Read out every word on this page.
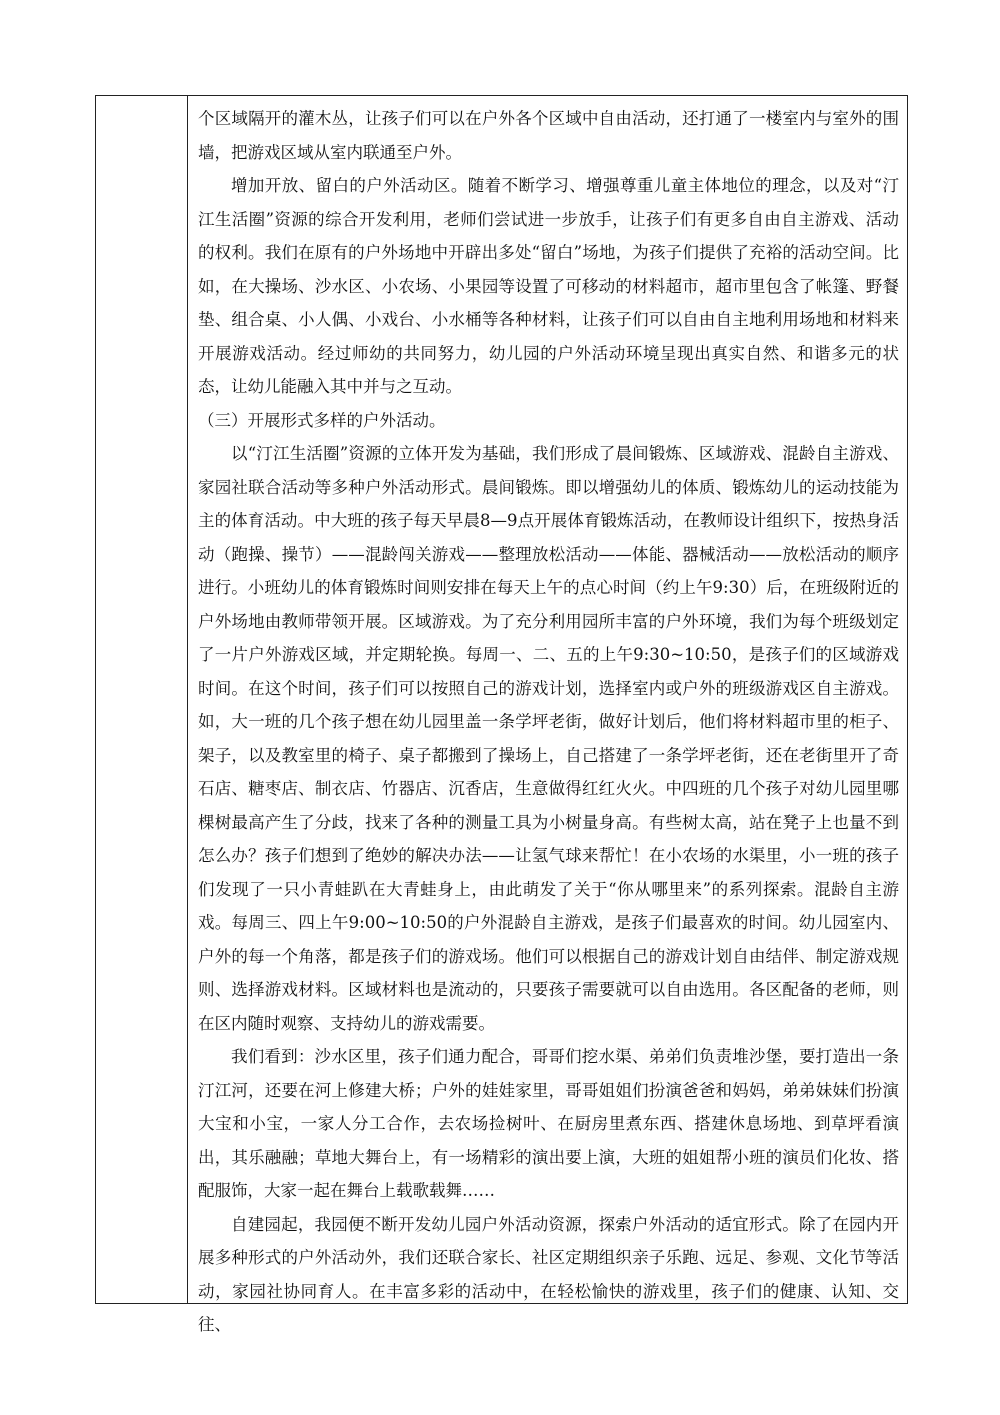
个区域隔开的灌木丛，让孩子们可以在户外各个区域中自由活动，还打通了一楼室内与室外的围墙，把游戏区域从室内联通至户外。

增加开放、留白的户外活动区。随着不断学习、增强尊重儿童主体地位的理念，以及对“汀江生活圈”资源的综合开发利用，老师们尝试进一步放手，让孩子们有更多自由自主游戏、活动的权利。我们在原有的户外场地中开辟出多处“留白”场地，为孩子们提供了充裕的活动空间。比如，在大操场、沙水区、小农场、小果园等设置了可移动的材料超市，超市里包含了帐篷、野餐垫、组合桌、小人偶、小戏台、小水桶等各种材料，让孩子们可以自由自主地利用场地和材料来开展游戏活动。经过师幼的共同努力，幼儿园的户外活动环境呈现出真实自然、和谐多元的状态，让幼儿能融入其中并与之互动。

（三）开展形式多样的户外活动。

以“汀江生活圈”资源的立体开发为基础，我们形成了晨间锻炼、区域游戏、混龄自主游戏、家园社联合活动等多种户外活动形式。晨间锻炼。即以增强幼儿的体质、锻炼幼儿的运动技能为主的体育活动。中大班的孩子每天早晨8—9点开展体育锻炼活动，在教师设计组织下，按热身活动（跑操、操节）——混龄闯关游戏——整理放松活动——体能、器械活动——放松活动的顺序进行。小班幼儿的体育锻炼时间则安排在每天上午的点心时间（约上午9:30）后，在班级附近的户外场地由教师带领开展。区域游戏。为了充分利用园所丰富的户外环境，我们为每个班级划定了一片户外游戏区域，并定期轮换。每周一、二、五的上午9:30~10:50，是孩子们的区域游戏时间。在这个时间，孩子们可以按照自己的游戏计划，选择室内或户外的班级游戏区自主游戏。如，大一班的几个孩子想在幼儿园里盖一条学坪老街，做好计划后，他们将材料超市里的柜子、架子，以及教室里的椅子、桌子都搬到了操场上，自己搭建了一条学坪老街，还在老街里开了奇石店、糖枣店、制衣店、竹器店、沉香店，生意做得红红火火。中四班的几个孩子对幼儿园里哪棵树最高产生了分歧，找来了各种的测量工具为小树量身高。有些树太高，站在凳子上也量不到怎么办？孩子们想到了绝妙的解决办法——让氢气球来帮忙！在小农场的水渠里，小一班的孩子们发现了一只小青蛙趴在大青蛙身上，由此萌发了关于“你从哪里来”的系列探索。混龄自主游戏。每周三、四上午9:00~10:50的户外混龄自主游戏，是孩子们最喜欢的时间。幼儿园室内、户外的每一个角落，都是孩子们的游戏场。他们可以根据自己的游戏计划自由结伴、制定游戏规则、选择游戏材料。区域材料也是流动的，只要孩子需要就可以自由选用。各区配备的老师，则在区内随时观察、支持幼儿的游戏需要。

我们看到：沙水区里，孩子们通力配合，哥哥们挖水渠、弟弟们负责堆沙堡，要打造出一条汀江河，还要在河上修建大桥；户外的娃娃家里，哥哥姐姐们扮演爸爸和妈妈，弟弟妹妹们扮演大宝和小宝，一家人分工合作，去农场捡树叶、在厨房里煮东西、搭建休息场地、到草坪看演出，其乐融融；草地大舞台上，有一场精彩的演出要上演，大班的姐姐帮小班的演员们化妆、搭配服饰，大家一起在舞台上载歌载舞……

自建园起，我园便不断开发幼儿园户外活动资源，探索户外活动的适宜形式。除了在园内开展多种形式的户外活动外，我们还联合家长、社区定期组织亲子乐跑、远足、参观、文化节等活动，家园社协同育人。在丰富多彩的活动中，在轻松愉快的游戏里，孩子们的健康、认知、交往、
